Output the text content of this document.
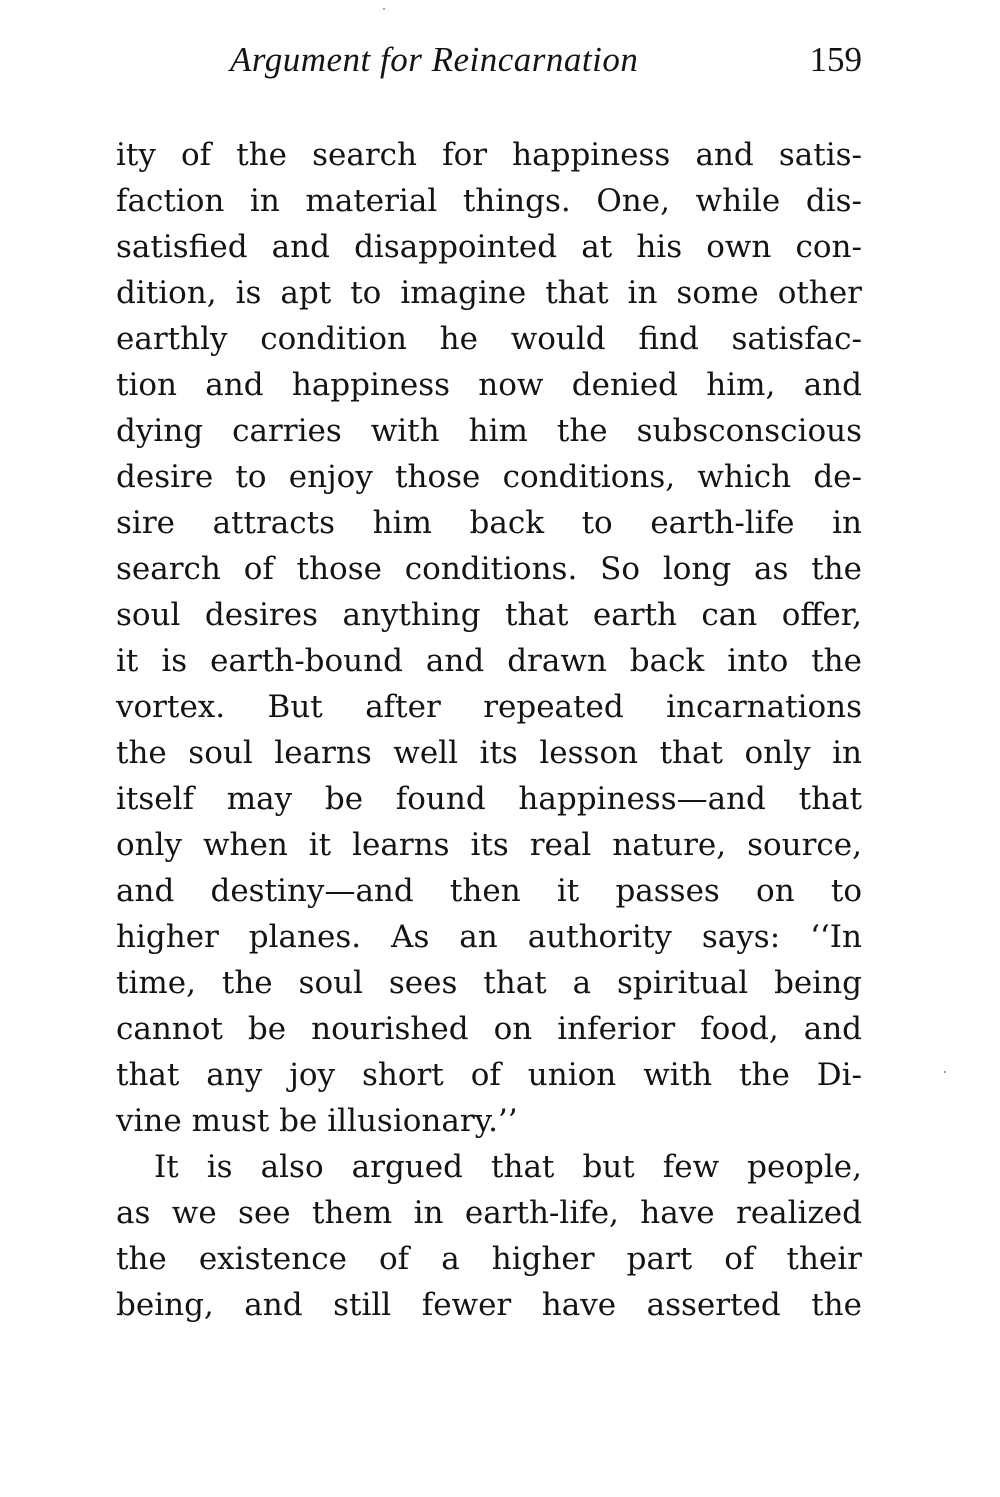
Argument for Reincarnation	159
ity of the search for happiness and satis-
faction in material things. One, while dis-
satisfied and disappointed at his own con-
dition, is apt to imagine that in some other
earthly condition he would find satisfac-
tion and happiness now denied him, and
dying carries with him the subsconscious
desire to enjoy those conditions, which de-
sire attracts him back to earth-life in
search of those conditions. So long as the
soul desires anything that earth can offer,
it is earth-bound and drawn back into the
vortex. But after repeated incarnations
the soul learns well its lesson that only in
itself may be found happiness—and that
only when it learns its real nature, source,
and destiny—and then it passes on to
higher planes. As an authority says: ‘‘In
time, the soul sees that a spiritual being
cannot be nourished on inferior food, and
that any joy short of union with the Di-
vine must be illusionary.’’
It is also argued that but few people,
as we see them in earth-life, have realized
the existence of a higher part of their
being, and still fewer have asserted the
